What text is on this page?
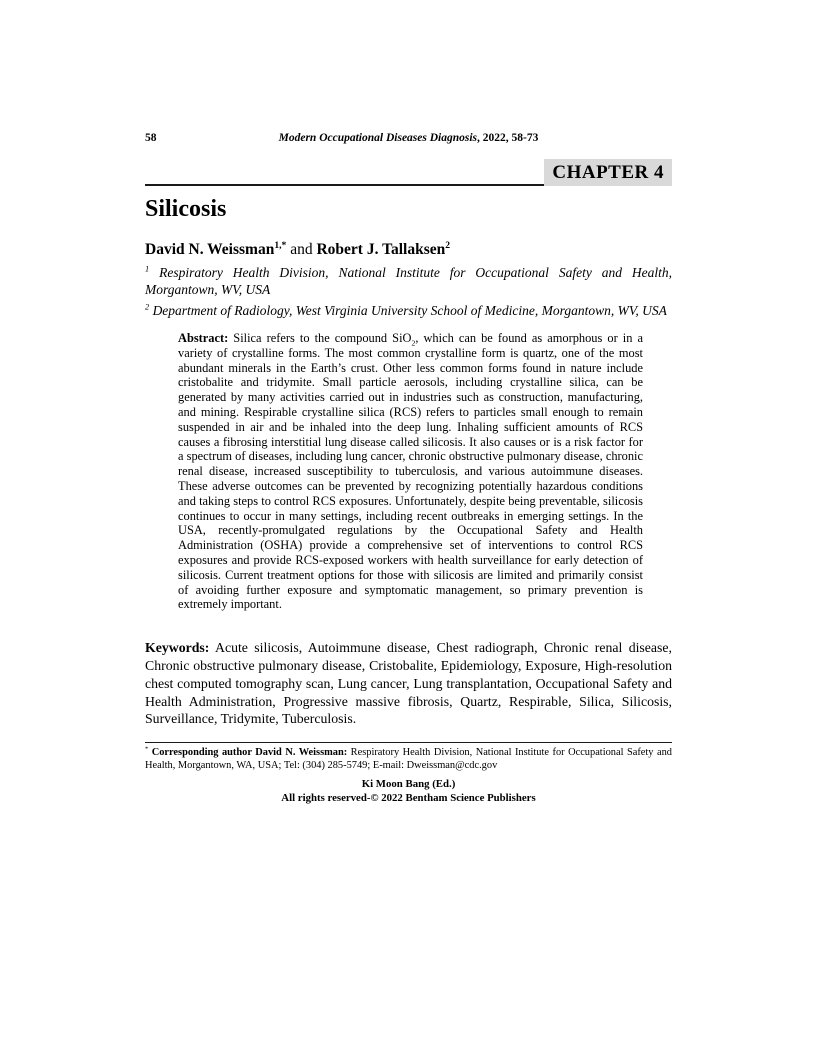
58	Modern Occupational Diseases Diagnosis, 2022, 58-73
CHAPTER 4
Silicosis
David N. Weissman$^{1,*}$ and Robert J. Tallaksen$^2$

$^1$ Respiratory Health Division, National Institute for Occupational Safety and Health, Morgantown, WV, USA

$^2$ Department of Radiology, West Virginia University School of Medicine, Morgantown, WV, USA

Abstract: Silica refers to the compound SiO$_2$, which can be found as amorphous or in a variety of crystalline forms. The most common crystalline form is quartz, one of the most abundant minerals in the Earth’s crust. Other less common forms found in nature include cristobalite and tridymite. Small particle aerosols, including crystalline silica, can be generated by many activities carried out in industries such as construction, manufacturing, and mining. Respirable crystalline silica (RCS) refers to particles small enough to remain suspended in air and be inhaled into the deep lung. Inhaling sufficient amounts of RCS causes a fibrosing interstitial lung disease called silicosis. It also causes or is a risk factor for a spectrum of diseases, including lung cancer, chronic obstructive pulmonary disease, chronic renal disease, increased susceptibility to tuberculosis, and various autoimmune diseases. These adverse outcomes can be prevented by recognizing potentially hazardous conditions and taking steps to control RCS exposures. Unfortunately, despite being preventable, silicosis continues to occur in many settings, including recent outbreaks in emerging settings. In the USA, recently-promulgated regulations by the Occupational Safety and Health Administration (OSHA) provide a comprehensive set of interventions to control RCS exposures and provide RCS-exposed workers with health surveillance for early detection of silicosis. Current treatment options for those with silicosis are limited and primarily consist of avoiding further exposure and symptomatic management, so primary prevention is extremely important.

Keywords: Acute silicosis, Autoimmune disease, Chest radiograph, Chronic renal disease, Chronic obstructive pulmonary disease, Cristobalite, Epidemiology, Exposure, High-resolution chest computed tomography scan, Lung cancer, Lung transplantation, Occupational Safety and Health Administration, Progressive massive fibrosis, Quartz, Respirable, Silica, Silicosis, Surveillance, Tridymite, Tuberculosis.

* Corresponding author David N. Weissman: Respiratory Health Division, National Institute for Occupational Safety and Health, Morgantown, WA, USA; Tel: (304) 285-5749; E-mail: Dweissman@cdc.gov

Ki Moon Bang (Ed.)
All rights reserved-© 2022 Bentham Science Publishers
